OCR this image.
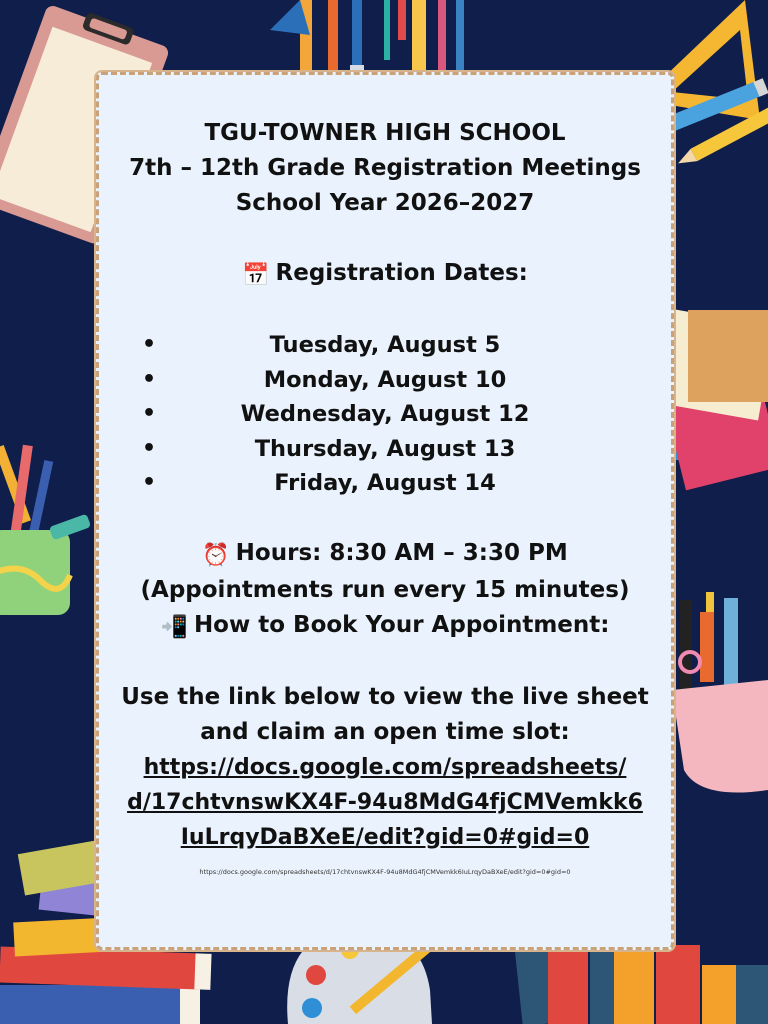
TGU-TOWNER HIGH SCHOOL

7th – 12th Grade Registration Meetings

School Year 2026–2027

📅 Registration Dates:

•	Tuesday, August 5
•	Monday, August 10
•	Wednesday, August 12
•	Thursday, August 13
•	Friday, August 14

⏰ Hours: 8:30 AM – 3:30 PM

(Appointments run every 15 minutes)

📲 How to Book Your Appointment:

Use the link below to view the live sheet

and claim an open time slot:

https://docs.google.com/spreadsheets/
d/17chtvnswKX4F-94u8MdG4fjCMVemkk6
IuLrqyDaBXeE/edit?gid=0#gid=0
https://docs.google.com/spreadsheets/d/17chtvnswKX4F-94u8MdG4fjCMVemkk6IuLrqyDaBXeE/edit?gid=0#gid=0
